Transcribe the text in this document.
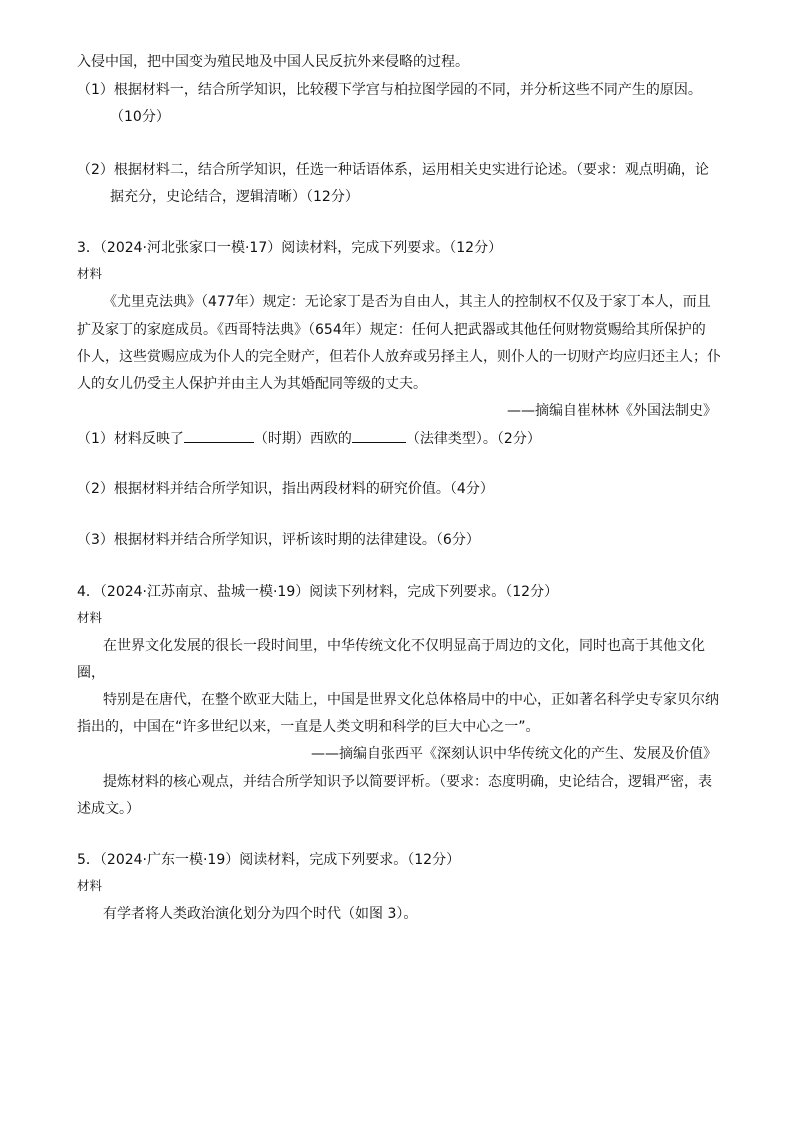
入侵中国，把中国变为殖民地及中国人民反抗外来侵略的过程。
（1）根据材料一，结合所学知识，比较稷下学宫与柏拉图学园的不同，并分析这些不同产生的原因。
（10分）
（2）根据材料二，结合所学知识，任选一种话语体系，运用相关史实进行论述。（要求：观点明确，论
据充分，史论结合，逻辑清晰）（12分）
3．（2024·河北张家口一模·17）阅读材料，完成下列要求。（12分）
材料
《尤里克法典》（477年）规定：无论家丁是否为自由人，其主人的控制权不仅及于家丁本人，而且
扩及家丁的家庭成员。《西哥特法典》（654年）规定：任何人把武器或其他任何财物赏赐给其所保护的
仆人，这些赏赐应成为仆人的完全财产，但若仆人放弃或另择主人，则仆人的一切财产均应归还主人；仆
人的女儿仍受主人保护并由主人为其婚配同等级的丈夫。
——摘编自崔林林《外国法制史》
（1）材料反映了	（时期）西欧的	（法律类型）。（2分）
（2）根据材料并结合所学知识，指出两段材料的研究价值。（4分）
（3）根据材料并结合所学知识，评析该时期的法律建设。（6分）
4．（2024·江苏南京、盐城一模·19）阅读下列材料，完成下列要求。（12分）
材料
在世界文化发展的很长一段时间里，中华传统文化不仅明显高于周边的文化，同时也高于其他文化
圈，
特别是在唐代，在整个欧亚大陆上，中国是世界文化总体格局中的中心，正如著名科学史专家贝尔纳
指出的，中国在“许多世纪以来，一直是人类文明和科学的巨大中心之一”。
——摘编自张西平《深刻认识中华传统文化的产生、发展及价值》
提炼材料的核心观点，并结合所学知识予以简要评析。（要求：态度明确，史论结合，逻辑严密，表
述成文。）
5．（2024·广东一模·19）阅读材料，完成下列要求。（12分）
材料
有学者将人类政治演化划分为四个时代（如图 3）。
